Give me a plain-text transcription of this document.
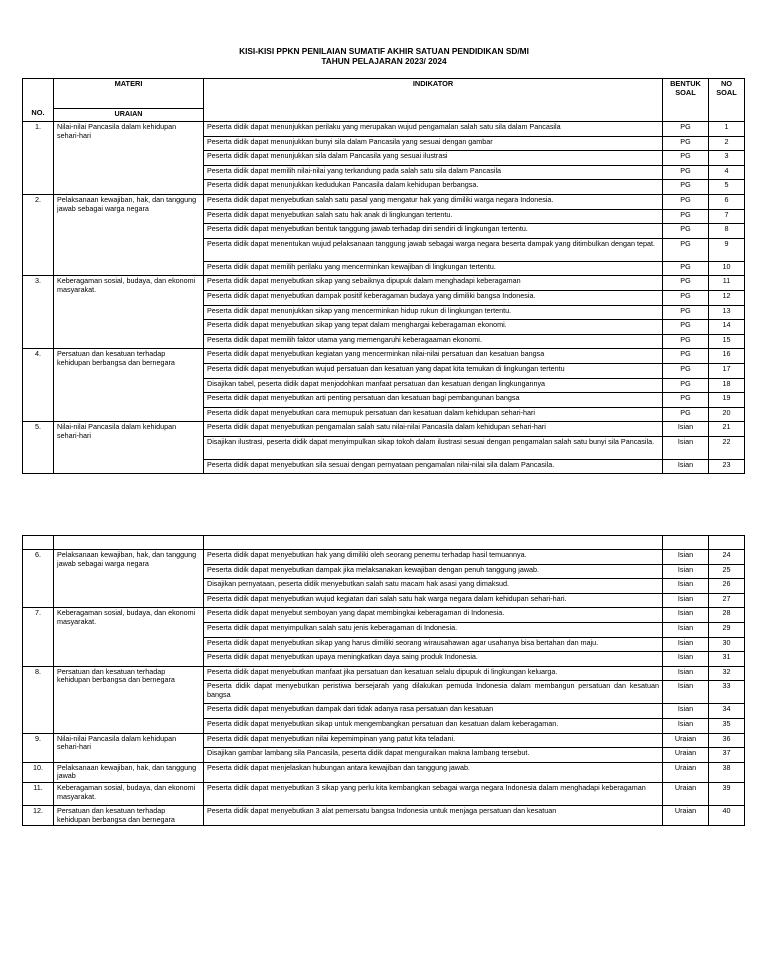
KISI-KISI PPKN PENILAIAN SUMATIF AKHIR SATUAN PENDIDIKAN SD/MI
TAHUN PELAJARAN 2023/ 2024
NO.	MATERI	INDIKATOR	BENTUK SOAL	NO SOAL
	URAIAN			
1.	Nilai-nilai Pancasila dalam kehidupan sehari-hari	Peserta didik dapat menunjukkan perilaku yang merupakan wujud pengamalan salah satu sila dalam Pancasila	PG	1
		Peserta didik dapat menunjukkan bunyi sila dalam Pancasila yang sesuai dengan gambar	PG	2
		Peserta didik dapat menunjukkan sila dalam Pancasila yang sesuai ilustrasi	PG	3
		Peserta didik dapat memilih nilai-nilai yang terkandung pada salah satu sila dalam Pancasila	PG	4
		Peserta didik dapat menunjukkan kedudukan Pancasila dalam kehidupan berbangsa.	PG	5
2.	Pelaksanaan kewajiban, hak, dan tanggung jawab sebagai warga negara	Peserta didik dapat menyebutkan salah satu pasal yang mengatur hak yang dimiliki warga negara Indonesia.	PG	6
		Peserta didik dapat menyebutkan salah satu hak anak di lingkungan tertentu.	PG	7
		Peserta didik dapat menyebutkan bentuk tanggung jawab terhadap diri sendiri di lingkungan tertentu.	PG	8
		Peserta didik dapat menentukan wujud pelaksanaan tanggung jawab sebagai warga negara beserta dampak yang ditimbulkan dengan tepat.	PG	9
		Peserta didik dapat memilih perilaku yang mencerminkan kewajiban di lingkungan tertentu.	PG	10
3.	Keberagaman sosial, budaya, dan ekonomi masyarakat.	Peserta didik dapat menyebutkan sikap yang sebaiknya dipupuk dalam menghadapi keberagaman	PG	11
		Peserta didik dapat menyebutkan dampak positif keberagaman budaya yang dimiliki bangsa Indonesia.	PG	12
		Peserta didik dapat menunjukkan sikap yang mencerminkan hidup rukun di lingkungan tertentu.	PG	13
		Peserta didik dapat menyebutkan sikap yang tepat dalam menghargai keberagaman ekonomi.	PG	14
		Peserta didik dapat memilih faktor utama yang memengaruhi keberagaaman ekonomi.	PG	15
4.	Persatuan dan kesatuan terhadap kehidupan berbangsa dan bernegara	Peserta didik dapat menyebutkan kegiatan yang mencerminkan nilai-nilai persatuan dan kesatuan bangsa	PG	16
		Peserta didik dapat menyebutkan wujud persatuan dan kesatuan yang dapat kita temukan di lingkungan tertentu	PG	17
		Disajikan tabel, peserta didik dapat menjodohkan manfaat persatuan dan kesatuan dengan lingkungannya	PG	18
		Peserta didik dapat menyebutkan arti penting persatuan dan kesatuan bagi pembangunan bangsa	PG	19
		Peserta didik dapat menyebutkan cara memupuk persatuan dan kesatuan dalam kehidupan sehari-hari	PG	20
5.	Nilai-nilai Pancasila dalam kehidupan sehari-hari	Peserta didik dapat menyebutkan pengamalan salah satu nilai-nilai Pancasila dalam kehidupan sehari-hari	Isian	21
		Disajikan ilustrasi, peserta didik dapat menyimpulkan sikap tokoh dalam ilustrasi sesuai dengan pengamalan salah satu bunyi sila Pancasila.	Isian	22
		Peserta didik dapat menyebutkan sila sesuai dengan pernyataan pengamalan nilai-nilai sila dalam Pancasila.	Isian	23

6.	Pelaksanaan kewajiban, hak, dan tanggung jawab sebagai warga negara	Peserta didik dapat menyebutkan hak yang dimiliki oleh seorang penemu terhadap hasil temuannya.	Isian	24
		Peserta didik dapat menyebutkan dampak jika melaksanakan kewajiban dengan penuh tanggung jawab.	Isian	25
		Disajikan pernyataan, peserta didik menyebutkan salah satu macam hak asasi yang dimaksud.	Isian	26
		Peserta didik dapat menyebutkan wujud kegiatan dari salah satu hak warga negara dalam kehidupan sehari-hari.	Isian	27
7.	Keberagaman sosial, budaya, dan ekonomi masyarakat.	Peserta didik dapat menyebut semboyan yang dapat membingkai keberagaman di Indonesia.	Isian	28
		Peserta didik dapat menyimpulkan salah satu jenis keberagaman di Indonesia.	Isian	29
		Peserta didik dapat menyebutkan sikap yang harus dimiliki seorang wirausahawan agar usahanya bisa bertahan dan maju.	Isian	30
		Peserta didik dapat menyebutkan upaya meningkatkan daya saing produk Indonesia.	Isian	31
8.	Persatuan dan kesatuan terhadap kehidupan berbangsa dan bernegara	Peserta didik dapat menyebutkan manfaat jika persatuan dan kesatuan selalu dipupuk di lingkungan keluarga.	Isian	32
		Peserta didik dapat menyebutkan peristiwa bersejarah yang dilakukan pemuda Indonesia dalam membangun persatuan dan kesatuan bangsa	Isian	33
		Peserta didik dapat menyebutkan dampak dari tidak adanya rasa persatuan dan kesatuan	Isian	34
		Peserta didik dapat menyebutkan sikap untuk mengembangkan persatuan dan kesatuan dalam keberagaman.	Isian	35
9.	Nilai-nilai Pancasila dalam kehidupan sehari-hari	Peserta didik dapat menyebutkan nilai kepemimpinan yang patut kita teladani.	Uraian	36
		Disajikan gambar lambang sila Pancasila, peserta didik dapat menguraikan makna lambang tersebut.	Uraian	37
10.	Pelaksanaan kewajiban, hak, dan tanggung jawab	Peserta didik dapat menjelaskan hubungan antara kewajiban dan tanggung jawab.	Uraian	38
11.	Keberagaman sosial, budaya, dan ekonomi masyarakat.	Peserta didik dapat menyebutkan 3 sikap yang perlu kita kembangkan sebagai warga negara Indonesia dalam menghadapi keberagaman	Uraian	39
12.	Persatuan dan kesatuan terhadap kehidupan berbangsa dan bernegara	Peserta didik dapat menyebutkan 3 alat pemersatu bangsa Indonesia untuk menjaga persatuan dan kesatuan	Uraian	40
